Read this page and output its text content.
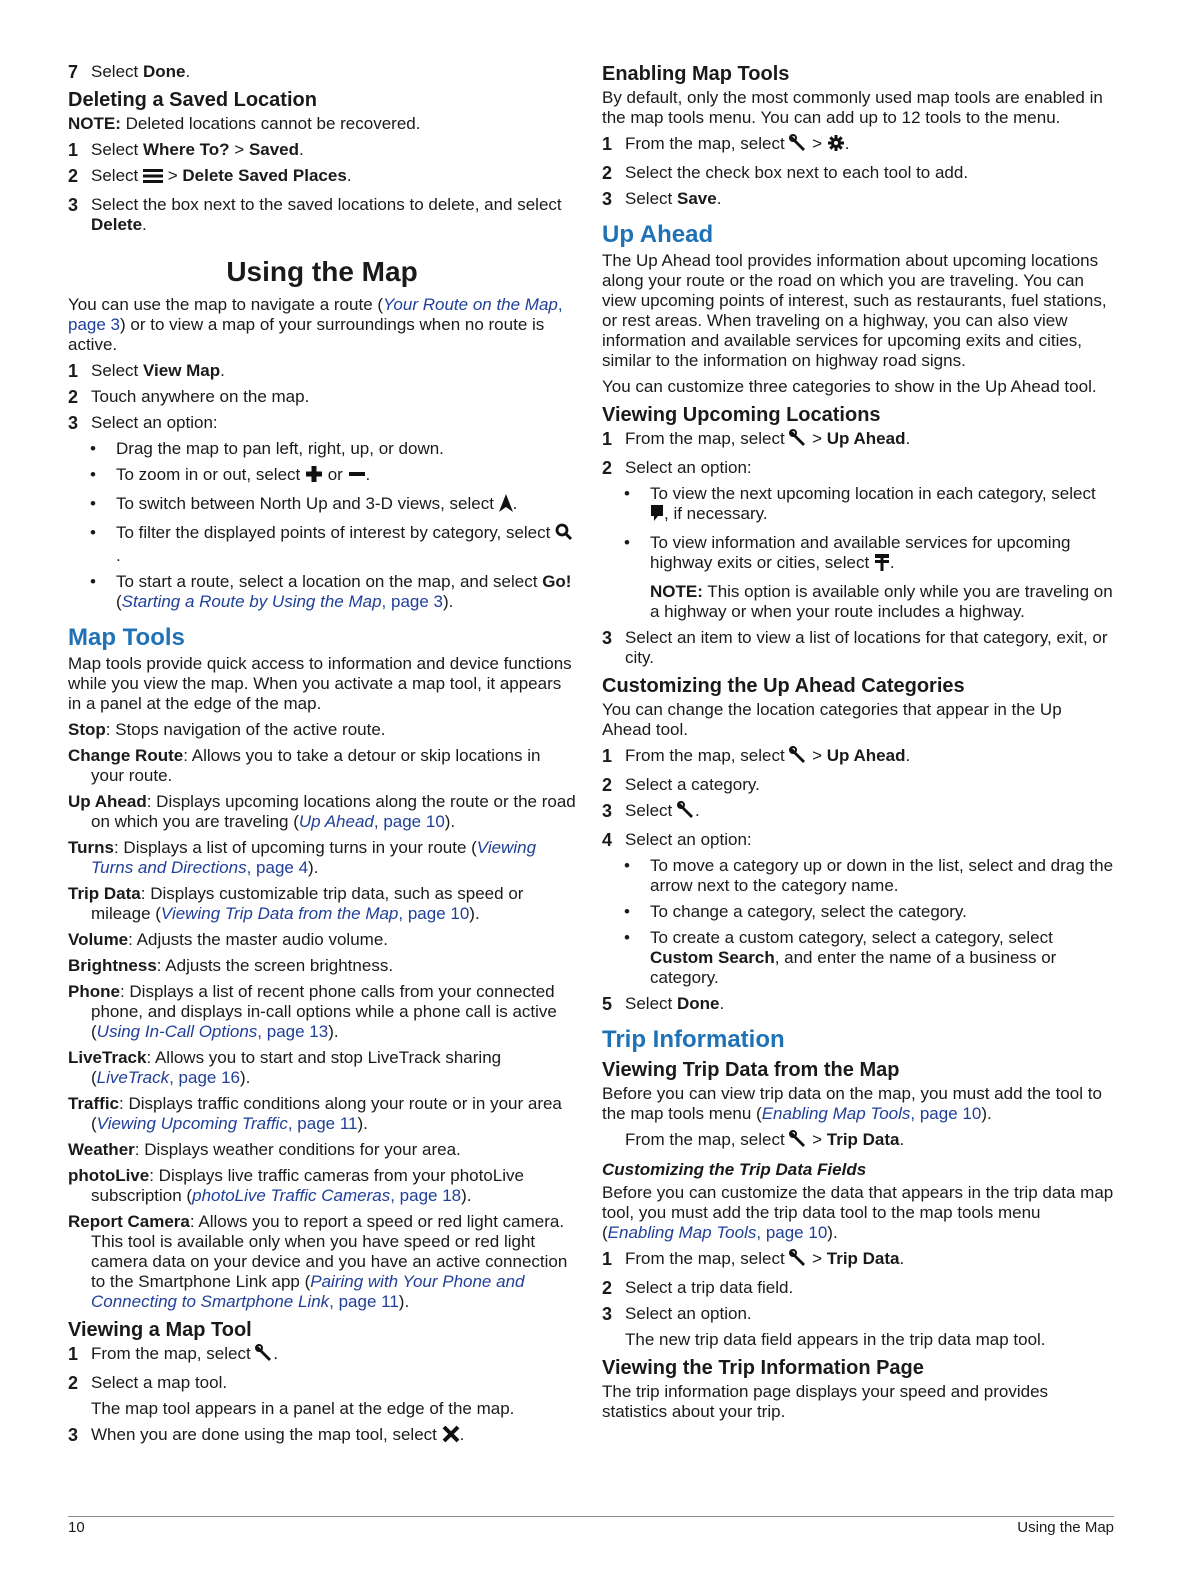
7 Select Done.
Deleting a Saved Location

NOTE: Deleted locations cannot be recovered.

1 Select Where To? > Saved.
2 Select  > Delete Saved Places.
3 Select the box next to the saved locations to delete, and select Delete.
Using the Map

You can use the map to navigate a route (Your Route on the Map, page 3) or to view a map of your surroundings when no route is active.

1 Select View Map.
2 Touch anywhere on the map.
3 Select an option:
• Drag the map to pan left, right, up, or down.
• To zoom in or out, select  or .
• To switch between North Up and 3-D views, select .
• To filter the displayed points of interest by category, select .
• To start a route, select a location on the map, and select Go! (Starting a Route by Using the Map, page 3).
Map Tools

Map tools provide quick access to information and device functions while you view the map. When you activate a map tool, it appears in a panel at the edge of the map.

Stop: Stops navigation of the active route.

Change Route: Allows you to take a detour or skip locations in your route.

Up Ahead: Displays upcoming locations along the route or the road on which you are traveling (Up Ahead, page 10).

Turns: Displays a list of upcoming turns in your route (Viewing Turns and Directions, page 4).

Trip Data: Displays customizable trip data, such as speed or mileage (Viewing Trip Data from the Map, page 10).

Volume: Adjusts the master audio volume.

Brightness: Adjusts the screen brightness.

Phone: Displays a list of recent phone calls from your connected phone, and displays in-call options while a phone call is active (Using In-Call Options, page 13).

LiveTrack: Allows you to start and stop LiveTrack sharing (LiveTrack, page 16).

Traffic: Displays traffic conditions along your route or in your area (Viewing Upcoming Traffic, page 11).

Weather: Displays weather conditions for your area.

photoLive: Displays live traffic cameras from your photoLive subscription (photoLive Traffic Cameras, page 18).

Report Camera: Allows you to report a speed or red light camera. This tool is available only when you have speed or red light camera data on your device and you have an active connection to the Smartphone Link app (Pairing with Your Phone and Connecting to Smartphone Link, page 11).

Viewing a Map Tool
1 From the map, select .
2 Select a map tool.

The map tool appears in a panel at the edge of the map.

3 When you are done using the map tool, select .
Enabling Map Tools

By default, only the most commonly used map tools are enabled in the map tools menu. You can add up to 12 tools to the menu.

1 From the map, select  > .
2 Select the check box next to each tool to add.
3 Select Save.
Up Ahead

The Up Ahead tool provides information about upcoming locations along your route or the road on which you are traveling. You can view upcoming points of interest, such as restaurants, fuel stations, or rest areas. When traveling on a highway, you can also view information and available services for upcoming exits and cities, similar to the information on highway road signs.

You can customize three categories to show in the Up Ahead tool.

Viewing Upcoming Locations
1 From the map, select  > Up Ahead.
2 Select an option:
• To view the next upcoming location in each category, select , if necessary.
• To view information and available services for upcoming highway exits or cities, select .

NOTE: This option is available only while you are traveling on a highway or when your route includes a highway.

3 Select an item to view a list of locations for that category, exit, or city.
Customizing the Up Ahead Categories

You can change the location categories that appear in the Up Ahead tool.

1 From the map, select  > Up Ahead.
2 Select a category.
3 Select .
4 Select an option:
• To move a category up or down in the list, select and drag the arrow next to the category name.
• To change a category, select the category.
• To create a custom category, select a category, select Custom Search, and enter the name of a business or category.
5 Select Done.
Trip Information
Viewing Trip Data from the Map

Before you can view trip data on the map, you must add the tool to the map tools menu (Enabling Map Tools, page 10).

From the map, select  > Trip Data.

Customizing the Trip Data Fields

Before you can customize the data that appears in the trip data map tool, you must add the trip data tool to the map tools menu (Enabling Map Tools, page 10).

1 From the map, select  > Trip Data.
2 Select a trip data field.
3 Select an option.

The new trip data field appears in the trip data map tool.

Viewing the Trip Information Page

The trip information page displays your speed and provides statistics about your trip.

10	Using the Map
